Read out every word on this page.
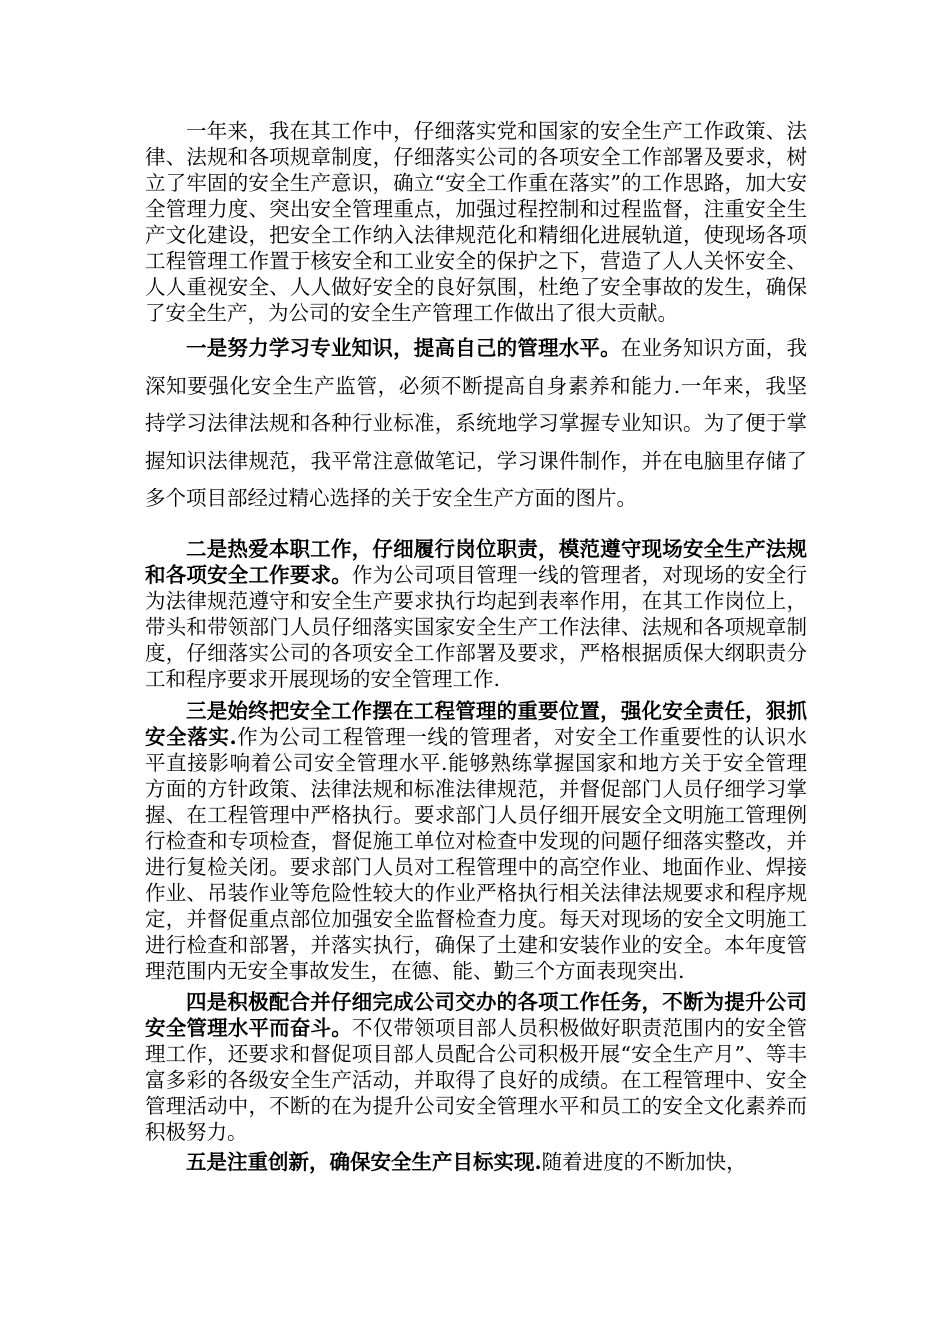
一年来，我在其工作中，仔细落实党和国家的安全生产工作政策、法律、法规和各项规章制度，仔细落实公司的各项安全工作部署及要求，树立了牢固的安全生产意识，确立“安全工作重在落实”的工作思路，加大安全管理力度、突出安全管理重点，加强过程控制和过程监督，注重安全生产文化建设，把安全工作纳入法律规范化和精细化进展轨道，使现场各项工程管理工作置于核安全和工业安全的保护之下，营造了人人关怀安全、人人重视安全、人人做好安全的良好氛围，杜绝了安全事故的发生，确保了安全生产，为公司的安全生产管理工作做出了很大贡献。

一是努力学习专业知识，提高自己的管理水平。在业务知识方面，我深知要强化安全生产监管，必须不断提高自身素养和能力.一年来，我坚持学习法律法规和各种行业标准，系统地学习掌握专业知识。为了便于掌握知识法律规范，我平常注意做笔记，学习课件制作，并在电脑里存储了多个项目部经过精心选择的关于安全生产方面的图片。

二是热爱本职工作，仔细履行岗位职责，模范遵守现场安全生产法规和各项安全工作要求。作为公司项目管理一线的管理者，对现场的安全行为法律规范遵守和安全生产要求执行均起到表率作用，在其工作岗位上，带头和带领部门人员仔细落实国家安全生产工作法律、法规和各项规章制度，仔细落实公司的各项安全工作部署及要求，严格根据质保大纲职责分工和程序要求开展现场的安全管理工作.

三是始终把安全工作摆在工程管理的重要位置，强化安全责任，狠抓安全落实.作为公司工程管理一线的管理者，对安全工作重要性的认识水平直接影响着公司安全管理水平.能够熟练掌握国家和地方关于安全管理方面的方针政策、法律法规和标准法律规范，并督促部门人员仔细学习掌握、在工程管理中严格执行。要求部门人员仔细开展安全文明施工管理例行检查和专项检查，督促施工单位对检查中发现的问题仔细落实整改，并进行复检关闭。要求部门人员对工程管理中的高空作业、地面作业、焊接作业、吊装作业等危险性较大的作业严格执行相关法律法规要求和程序规定，并督促重点部位加强安全监督检查力度。每天对现场的安全文明施工进行检查和部署，并落实执行，确保了土建和安装作业的安全。本年度管理范围内无安全事故发生，在德、能、勤三个方面表现突出.

四是积极配合并仔细完成公司交办的各项工作任务，不断为提升公司安全管理水平而奋斗。不仅带领项目部人员积极做好职责范围内的安全管理工作，还要求和督促项目部人员配合公司积极开展“安全生产月”、等丰富多彩的各级安全生产活动，并取得了良好的成绩。在工程管理中、安全管理活动中，不断的在为提升公司安全管理水平和员工的安全文化素养而积极努力。

五是注重创新，确保安全生产目标实现.随着进度的不断加快，
